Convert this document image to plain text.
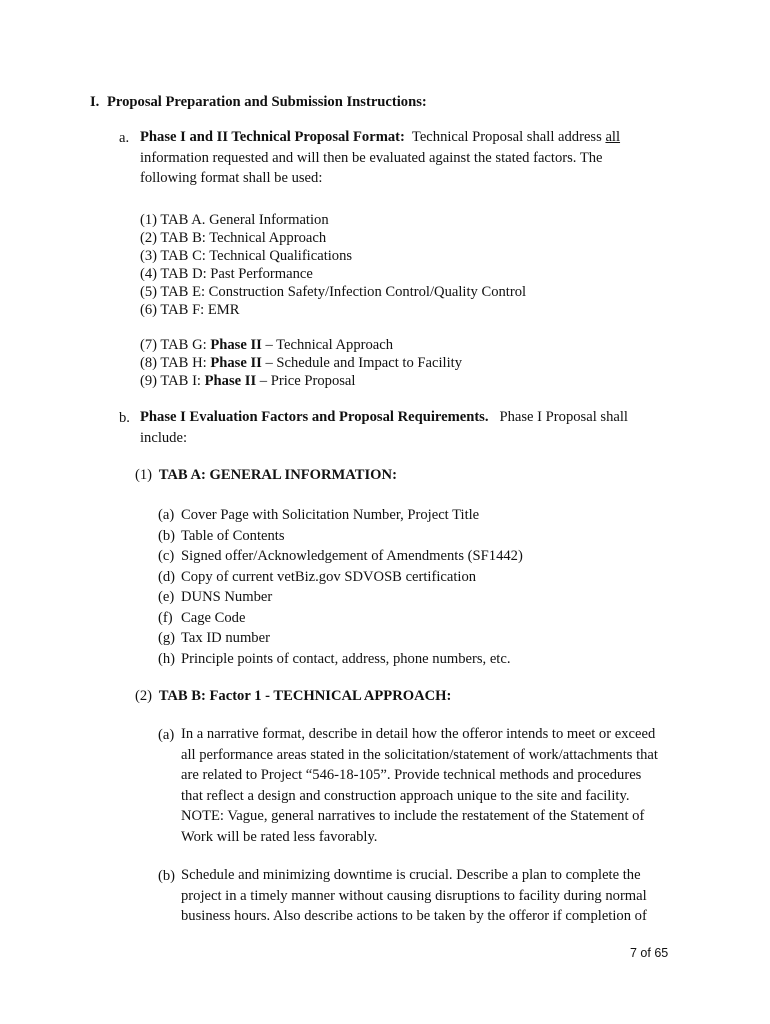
I. Proposal Preparation and Submission Instructions:
a. Phase I and II Technical Proposal Format: Technical Proposal shall address all
information requested and will then be evaluated against the stated factors. The
following format shall be used:
(1) TAB A. General Information
(2) TAB B: Technical Approach
(3) TAB C: Technical Qualifications
(4) TAB D: Past Performance
(5) TAB E: Construction Safety/Infection Control/Quality Control
(6) TAB F: EMR
(7) TAB G: Phase II – Technical Approach
(8) TAB H: Phase II – Schedule and Impact to Facility
(9) TAB I: Phase II – Price Proposal
b. Phase I Evaluation Factors and Proposal Requirements. Phase I Proposal shall
include:
(1) TAB A: GENERAL INFORMATION:
(a) Cover Page with Solicitation Number, Project Title
(b) Table of Contents
(c) Signed offer/Acknowledgement of Amendments (SF1442)
(d) Copy of current vetBiz.gov SDVOSB certification
(e) DUNS Number
(f) Cage Code
(g) Tax ID number
(h) Principle points of contact, address, phone numbers, etc.
(2) TAB B: Factor 1 - TECHNICAL APPROACH:
(a) In a narrative format, describe in detail how the offeror intends to meet or exceed
all performance areas stated in the solicitation/statement of work/attachments that
are related to Project “546-18-105”. Provide technical methods and procedures
that reflect a design and construction approach unique to the site and facility.
NOTE: Vague, general narratives to include the restatement of the Statement of
Work will be rated less favorably.
(b) Schedule and minimizing downtime is crucial. Describe a plan to complete the
project in a timely manner without causing disruptions to facility during normal
business hours. Also describe actions to be taken by the offeror if completion of
7 of 65
